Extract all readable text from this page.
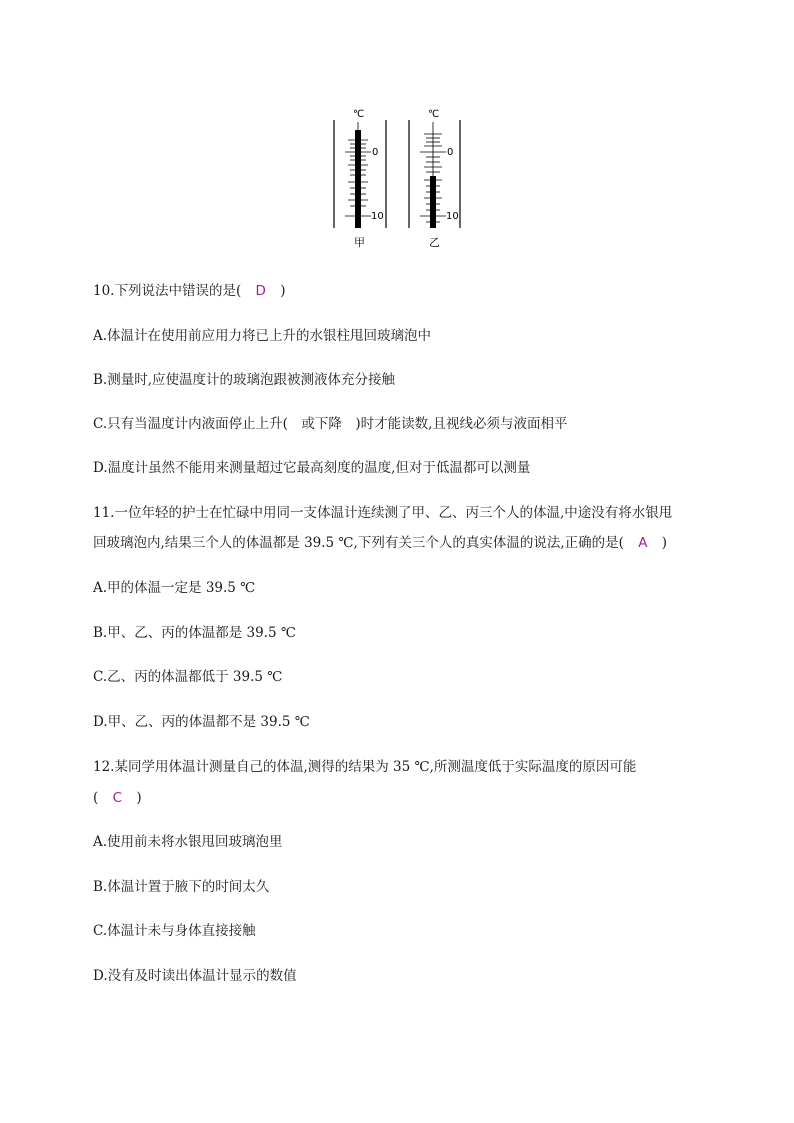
℃
0
10
甲
℃
0
10
乙
10.下列说法中错误的是( D )
A.体温计在使用前应用力将已上升的水银柱甩回玻璃泡中
B.测量时,应使温度计的玻璃泡跟被测液体充分接触
C.只有当温度计内液面停止上升(　或下降　)时才能读数,且视线必须与液面相平
D.温度计虽然不能用来测量超过它最高刻度的温度,但对于低温都可以测量
11.一位年轻的护士在忙碌中用同一支体温计连续测了甲、乙、丙三个人的体温,中途没有将水银甩
回玻璃泡内,结果三个人的体温都是 39.5 ℃,下列有关三个人的真实体温的说法,正确的是( A )
A.甲的体温一定是 39.5 ℃
B.甲、乙、丙的体温都是 39.5 ℃
C.乙、丙的体温都低于 39.5 ℃
D.甲、乙、丙的体温都不是 39.5 ℃
12.某同学用体温计测量自己的体温,测得的结果为 35 ℃,所测温度低于实际温度的原因可能
( C )
A.使用前未将水银甩回玻璃泡里
B.体温计置于腋下的时间太久
C.体温计未与身体直接接触
D.没有及时读出体温计显示的数值
